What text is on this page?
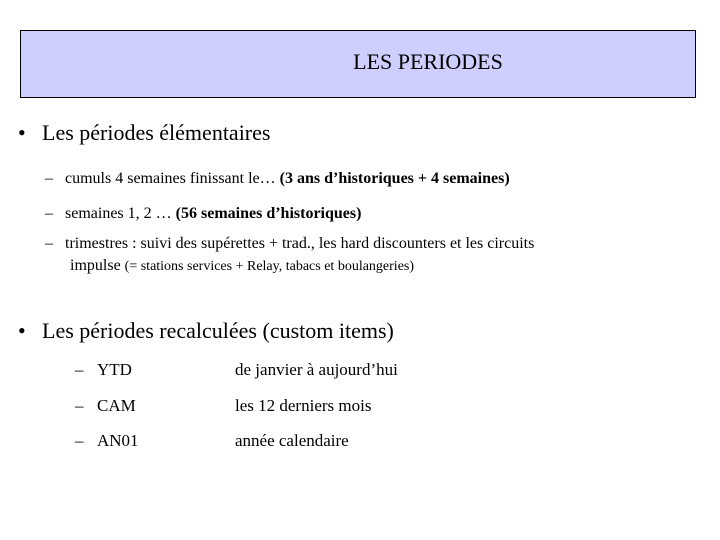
LES PERIODES
• Les périodes élémentaires
– cumuls 4 semaines finissant le… (3 ans d’historiques + 4 semaines)
– semaines 1, 2 … (56 semaines d’historiques)
– trimestres : suivi des supérettes + trad., les hard discounters et les circuits
impulse (= stations services + Relay, tabacs et boulangeries)
• Les périodes recalculées (custom items)
– YTD	de janvier à aujourd’hui
– CAM	les 12 derniers mois
– AN01	année calendaire
